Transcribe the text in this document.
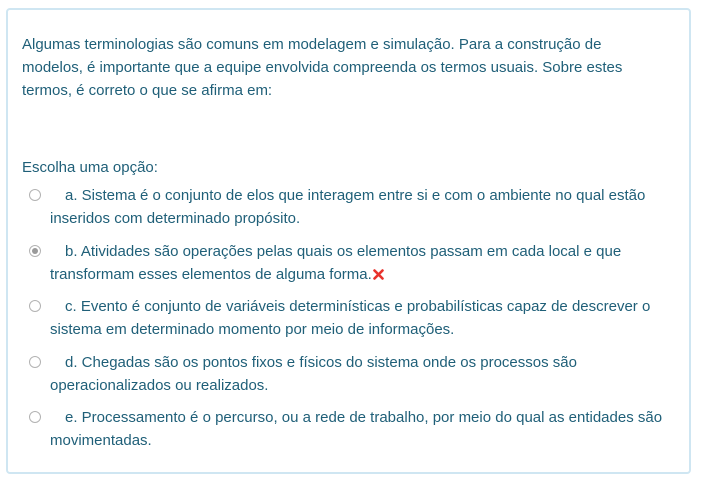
Algumas terminologias são comuns em modelagem e simulação. Para a construção de modelos, é importante que a equipe envolvida compreenda os termos usuais. Sobre estes termos, é correto o que se afirma em:

Escolha uma opção:
a. Sistema é o conjunto de elos que interagem entre si e com o ambiente no qual estão inseridos com determinado propósito.
b. Atividades são operações pelas quais os elementos passam em cada local e que transformam esses elementos de alguma forma.
c. Evento é conjunto de variáveis determinísticas e probabilísticas capaz de descrever o sistema em determinado momento por meio de informações.
d. Chegadas são os pontos fixos e físicos do sistema onde os processos são operacionalizados ou realizados.
e. Processamento é o percurso, ou a rede de trabalho, por meio do qual as entidades são movimentadas.
